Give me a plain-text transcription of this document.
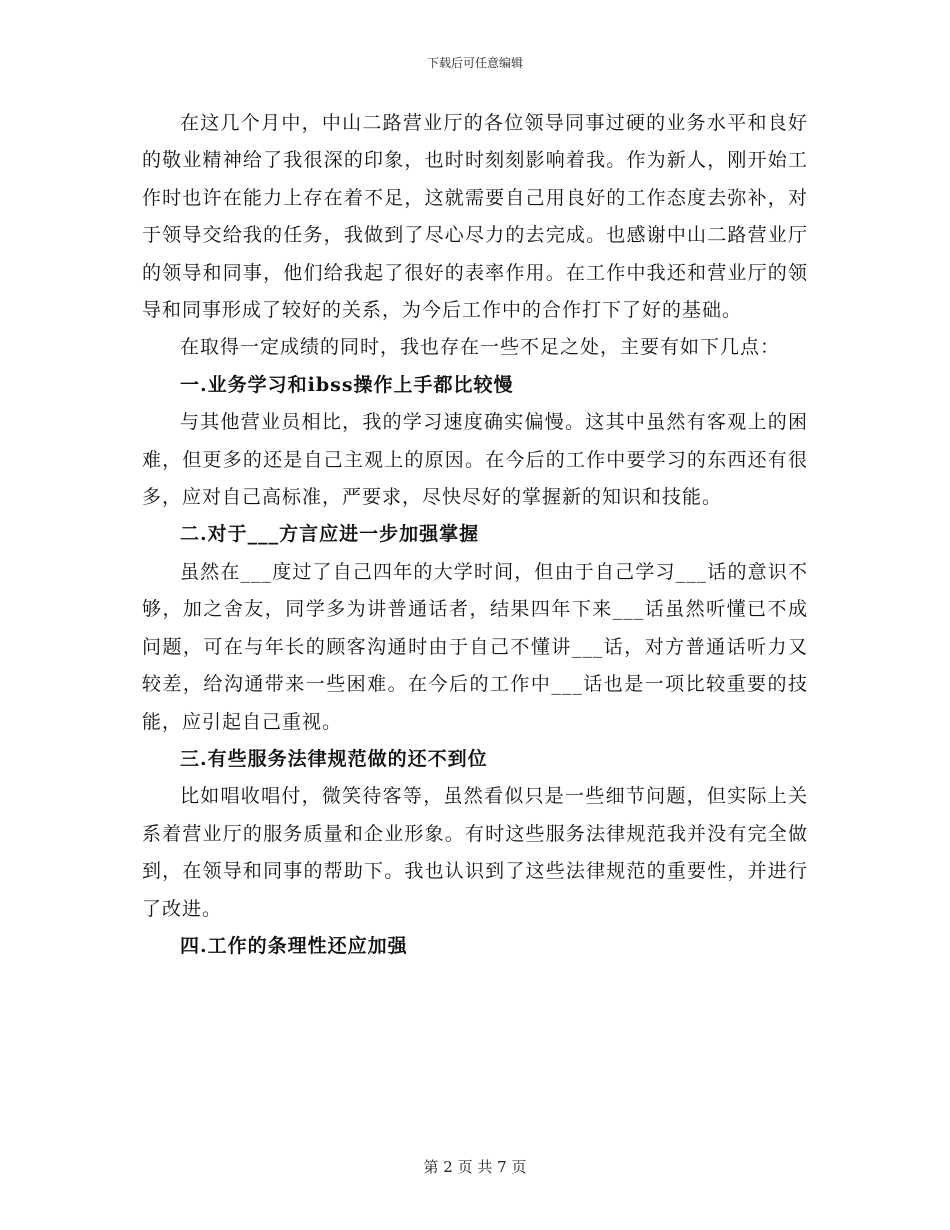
下载后可任意编辑

在这几个月中，中山二路营业厅的各位领导同事过硬的业务水平和良好的敬业精神给了我很深的印象，也时时刻刻影响着我。作为新人，刚开始工作时也许在能力上存在着不足，这就需要自己用良好的工作态度去弥补，对于领导交给我的任务，我做到了尽心尽力的去完成。也感谢中山二路营业厅的领导和同事，他们给我起了很好的表率作用。在工作中我还和营业厅的领导和同事形成了较好的关系，为今后工作中的合作打下了好的基础。

在取得一定成绩的同时，我也存在一些不足之处，主要有如下几点：

一.业务学习和ibss操作上手都比较慢

与其他营业员相比，我的学习速度确实偏慢。这其中虽然有客观上的困难，但更多的还是自己主观上的原因。在今后的工作中要学习的东西还有很多，应对自己高标准，严要求，尽快尽好的掌握新的知识和技能。

二.对于___方言应进一步加强掌握

虽然在___度过了自己四年的大学时间，但由于自己学习___话的意识不够，加之舍友，同学多为讲普通话者，结果四年下来___话虽然听懂已不成问题，可在与年长的顾客沟通时由于自己不懂讲___话，对方普通话听力又较差，给沟通带来一些困难。在今后的工作中___话也是一项比较重要的技能，应引起自己重视。

三.有些服务法律规范做的还不到位

比如唱收唱付，微笑待客等，虽然看似只是一些细节问题，但实际上关系着营业厅的服务质量和企业形象。有时这些服务法律规范我并没有完全做到，在领导和同事的帮助下。我也认识到了这些法律规范的重要性，并进行了改进。

四.工作的条理性还应加强

第 2 页 共 7 页
